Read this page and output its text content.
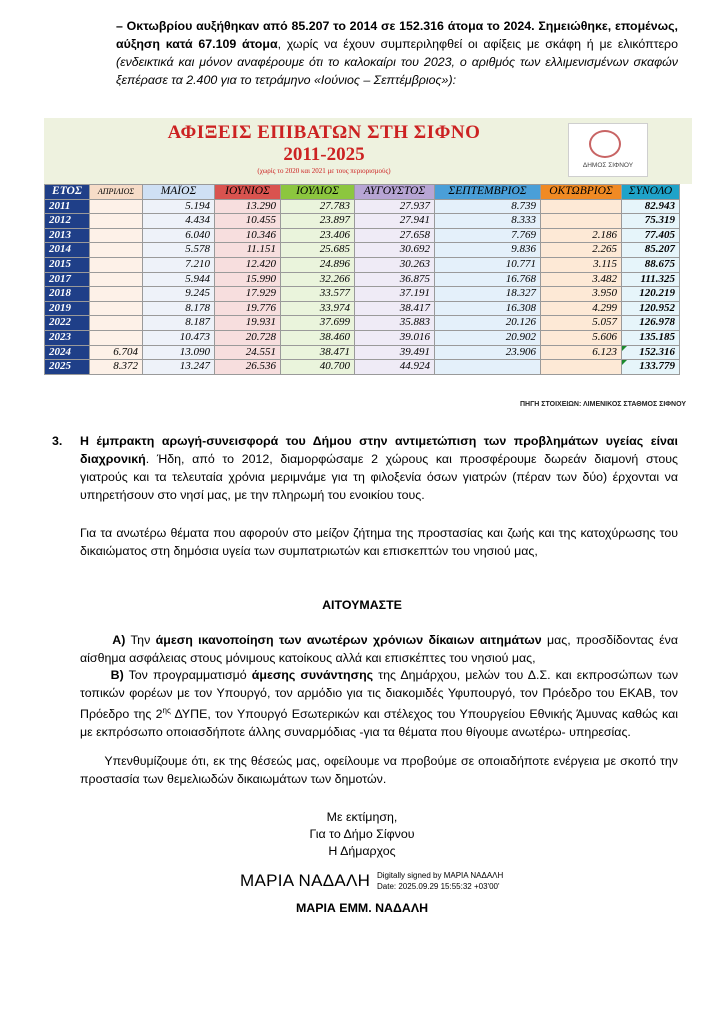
– Οκτωβρίου αυξήθηκαν από 85.207 το 2014 σε 152.316 άτομα το 2024. Σημειώθηκε, επομένως, αύξηση κατά 67.109 άτομα, χωρίς να έχουν συμπεριληφθεί οι αφίξεις με σκάφη ή με ελικόπτερο (ενδεικτικά και μόνον αναφέρουμε ότι το καλοκαίρι του 2023, ο αριθμός των ελλιμενισμένων σκαφών ξεπέρασε τα 2.400 για το τετράμηνο «Ιούνιος – Σεπτέμβριος»):
ΑΦΙΞΕΙΣ ΕΠΙΒΑΤΩΝ ΣΤΗ ΣΙΦΝΟ
2011-2025
(χωρίς το 2020 και 2021 με τους περιορισμούς)
ΔΗΜΟΣ ΣΙΦΝΟΥ
ΕΤΟΣ	ΑΠΡΙΛΙΟΣ	ΜΑΪΟΣ	ΙΟΥΝΙΟΣ	ΙΟΥΛΙΟΣ	ΑΥΓΟΥΣΤΟΣ	ΣΕΠΤΕΜΒΡΙΟΣ	ΟΚΤΩΒΡΙΟΣ	ΣΥΝΟΛΟ
2011		5.194	13.290	27.783	27.937	8.739		82.943
2012		4.434	10.455	23.897	27.941	8.333		75.319
2013		6.040	10.346	23.406	27.658	7.769	2.186	77.405
2014		5.578	11.151	25.685	30.692	9.836	2.265	85.207
2015		7.210	12.420	24.896	30.263	10.771	3.115	88.675
2017		5.944	15.990	32.266	36.875	16.768	3.482	111.325
2018		9.245	17.929	33.577	37.191	18.327	3.950	120.219
2019		8.178	19.776	33.974	38.417	16.308	4.299	120.952
2022		8.187	19.931	37.699	35.883	20.126	5.057	126.978
2023		10.473	20.728	38.460	39.016	20.902	5.606	135.185
2024	6.704	13.090	24.551	38.471	39.491	23.906	6.123	152.316
2025	8.372	13.247	26.536	40.700	44.924			133.779
ΠΗΓΗ ΣΤΟΙΧΕΙΩΝ: ΛΙΜΕΝΙΚΟΣ ΣΤΑΘΜΟΣ ΣΙΦΝΟΥ
3. Η έμπρακτη αρωγή-συνεισφορά του Δήμου στην αντιμετώπιση των προβλημάτων υγείας είναι διαχρονική. Ήδη, από το 2012, διαμορφώσαμε 2 χώρους και προσφέρουμε δωρεάν διαμονή στους γιατρούς και τα τελευταία χρόνια μεριμνάμε για τη φιλοξενία όσων γιατρών (πέραν των δύο) έρχονται να υπηρετήσουν στο νησί μας, με την πληρωμή του ενοικίου τους.
Για τα ανωτέρω θέματα που αφορούν στο μείζον ζήτημα της προστασίας και ζωής και της κατοχύρωσης του δικαιώματος στη δημόσια υγεία των συμπατριωτών και επισκεπτών του νησιού μας,
ΑΙΤΟΥΜΑΣΤΕ
Α) Την άμεση ικανοποίηση των ανωτέρων χρόνιων δίκαιων αιτημάτων μας, προσδίδοντας ένα αίσθημα ασφάλειας στους μόνιμους κατοίκους αλλά και επισκέπτες του νησιού μας,
Β) Τον προγραμματισμό άμεσης συνάντησης της Δημάρχου, μελών του Δ.Σ. και εκπροσώπων των τοπικών φορέων με τον Υπουργό, τον αρμόδιο για τις διακομιδές Υφυπουργό, τον Πρόεδρο του ΕΚΑΒ, τον Πρόεδρο της $2^{\eta\varsigma}$ ΔΥΠΕ, τον Υπουργό Εσωτερικών και στέλεχος του Υπουργείου Εθνικής Άμυνας καθώς και με εκπρόσωπο οποιασδήποτε άλλης συναρμόδιας -για τα θέματα που θίγουμε ανωτέρω- υπηρεσίας.
Υπενθυμίζουμε ότι, εκ της θέσεώς μας, οφείλουμε να προβούμε σε οποιαδήποτε ενέργεια με σκοπό την προστασία των θεμελιωδών δικαιωμάτων των δημοτών.
Με εκτίμηση,
Για το Δήμο Σίφνου
Η Δήμαρχος
ΜΑΡΙΑ ΝΑΔΑΛΗ Digitally signed by ΜΑΡΙΑ ΝΑΔΑΛΗ
Date: 2025.09.29 15:55:32 +03'00'
ΜΑΡΙΑ ΕΜΜ. ΝΑΔΑΛΗ
